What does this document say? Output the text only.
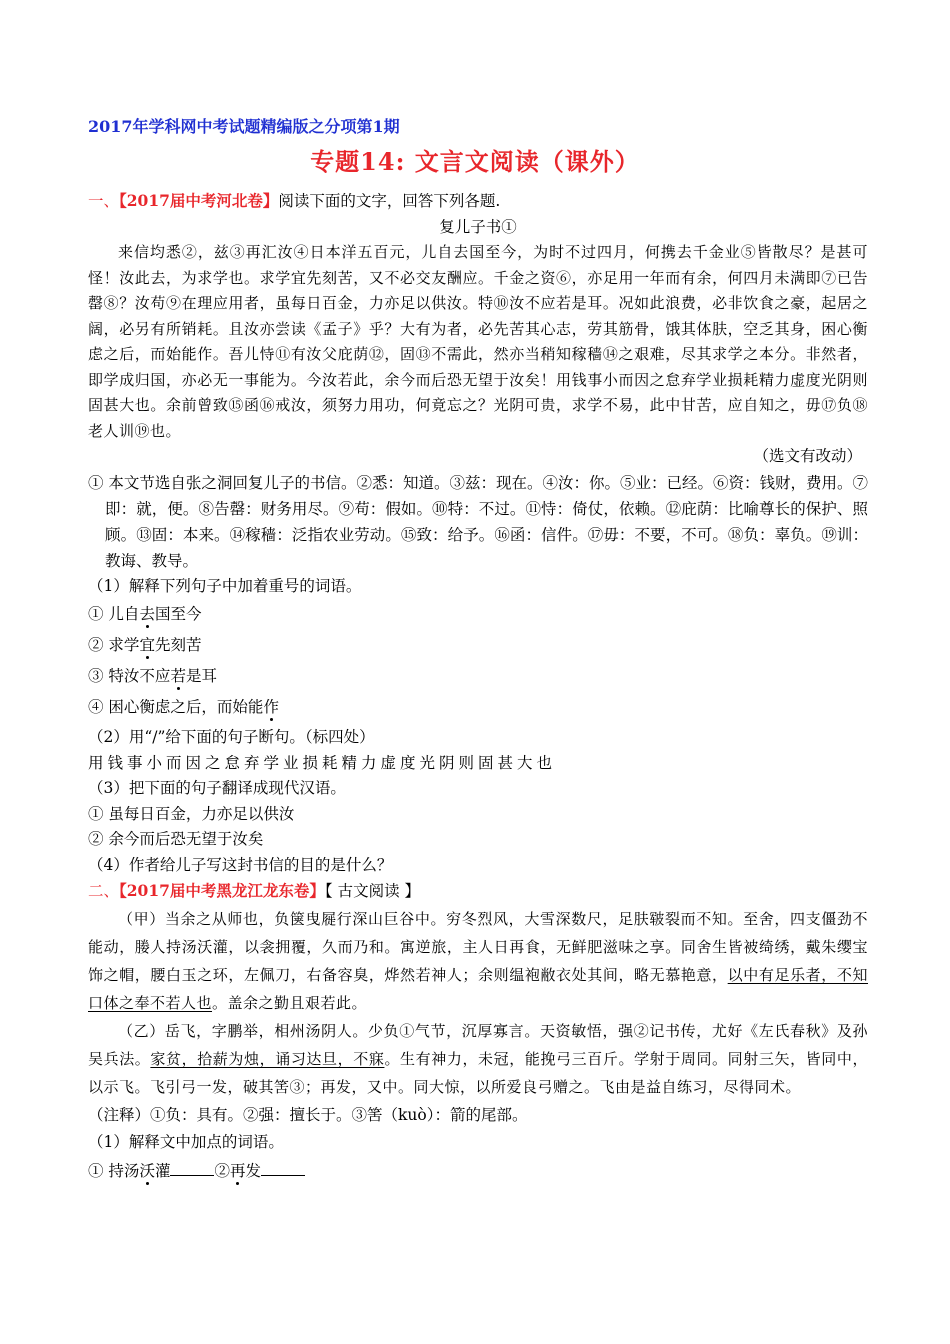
2017年学科网中考试题精编版之分项第1期
专题14: 文言文阅读（课外）
一、【2017届中考河北卷】阅读下面的文字，回答下列各题.
复儿子书①

来信均悉②，兹③再汇汝④日本洋五百元，儿自去国至今，为时不过四月，何携去千金业⑤皆散尽？是甚可怪！汝此去，为求学也。求学宜先刻苦，又不必交友酬应。千金之资⑥，亦足用一年而有余，何四月未满即⑦已告罄⑧？汝苟⑨在理应用者，虽每日百金，力亦足以供汝。特⑩汝不应若是耳。况如此浪费，必非饮食之豪，起居之阔，必另有所销耗。且汝亦尝读《孟子》乎？大有为者，必先苦其心志，劳其筋骨，饿其体肤，空乏其身，困心衡虑之后，而始能作。吾儿恃⑪有汝父庇荫⑫，固⑬不需此，然亦当稍知稼穑⑭之艰难，尽其求学之本分。非然者，即学成归国，亦必无一事能为。今汝若此，余今而后恐无望于汝矣！用钱事小而因之怠弃学业损耗精力虚度光阴则固甚大也。余前曾致⑮函⑯戒汝，须努力用功，何竟忘之？光阴可贵，求学不易，此中甘苦，应自知之，毋⑰负⑱老人训⑲也。

（选文有改动）

① 本文节选自张之洞回复儿子的书信。②悉：知道。③兹：现在。④汝：你。⑤业：已经。⑥资：钱财，费用。⑦即：就，便。⑧告罄：财务用尽。⑨苟：假如。⑩特：不过。⑪恃：倚仗，依赖。⑫庇荫：比喻尊长的保护、照顾。⑬固：本来。⑭稼穑：泛指农业劳动。⑮致：给予。⑯函：信件。⑰毋：不要，不可。⑱负：辜负。⑲训：教诲、教导。

（1）解释下列句子中加着重号的词语。
① 儿自去国至今
② 求学宜先刻苦
③ 特汝不应若是耳
④ 困心衡虑之后，而始能作
（2）用“/”给下面的句子断句。（标四处）
用钱事小而因之怠弃学业损耗精力虚度光阴则固甚大也
（3）把下面的句子翻译成现代汉语。
① 虽每日百金，力亦足以供汝
② 余今而后恐无望于汝矣
（4）作者给儿子写这封书信的目的是什么？
二、【2017届中考黑龙江龙东卷】【 古文阅读 】

（甲）当余之从师也，负箧曳屣行深山巨谷中。穷冬烈风，大雪深数尺，足肤皲裂而不知。至舍，四支僵劲不能动，媵人持汤沃灌，以衾拥覆，久而乃和。寓逆旅，主人日再食，无鲜肥滋味之享。同舍生皆被绮绣，戴朱缨宝饰之帽，腰白玉之环，左佩刀，右备容臭，烨然若神人；余则缊袍敝衣处其间，略无慕艳意，以中有足乐者，不知口体之奉不若人也。盖余之勤且艰若此。

（乙）岳飞，字鹏举，相州汤阴人。少负①气节，沉厚寡言。天资敏悟，强②记书传，尤好《左氏春秋》及孙吴兵法。家贫，拾薪为烛，诵习达旦，不寐。生有神力，未冠，能挽弓三百斤。学射于周同。同射三矢，皆同中，以示飞。飞引弓一发，破其筈③；再发，又中。同大惊，以所爱良弓赠之。飞由是益自练习，尽得同术。

（注释）①负：具有。②强：擅长于。③筈（kuò）：箭的尾部。
（1）解释文中加点的词语。
① 持汤沃灌	②再发
